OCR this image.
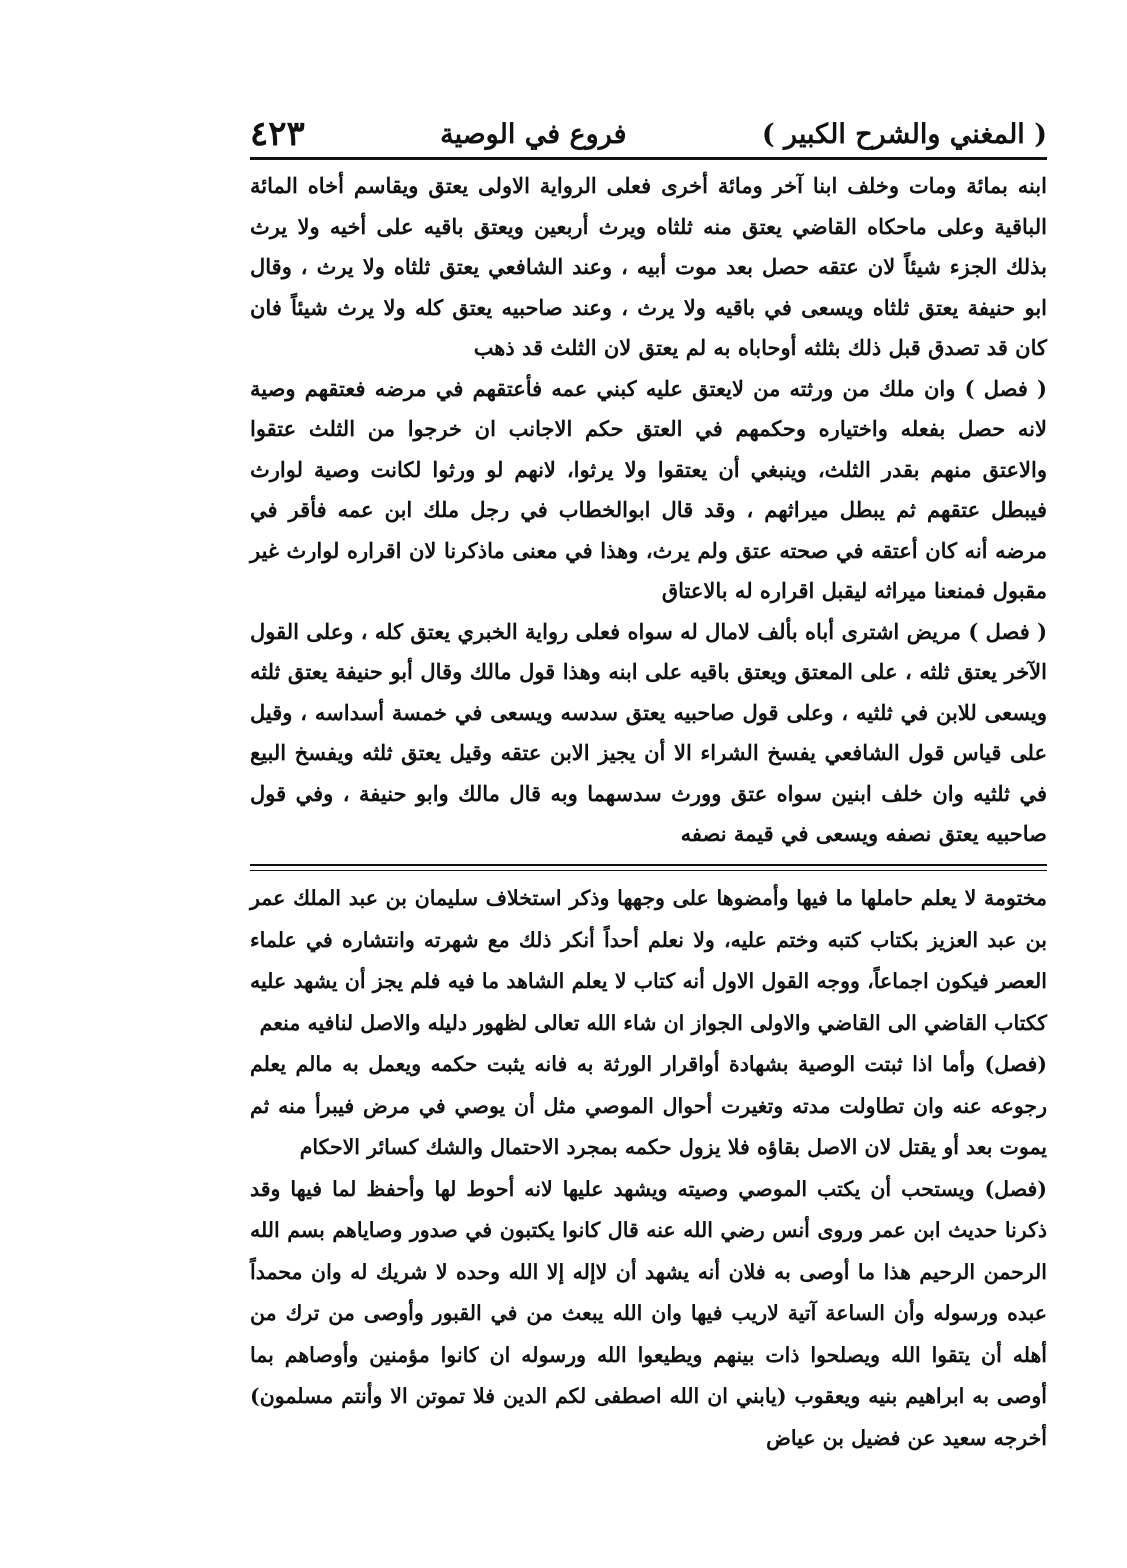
( المغني والشرح الكبير )
فروع في الوصية
٤٢٣

ابنه بمائة ومات وخلف ابنا آخر ومائة أخرى فعلى الرواية الاولى يعتق ويقاسم أخاه المائة الباقية وعلى ماحكاه القاضي يعتق منه ثلثاه ويرث أربعين ويعتق باقيه على أخيه ولا يرث بذلك الجزء شيئاً لان عتقه حصل بعد موت أبيه ، وعند الشافعي يعتق ثلثاه ولا يرث ، وقال ابو حنيفة يعتق ثلثاه ويسعى في باقيه ولا يرث ، وعند صاحبيه يعتق كله ولا يرث شيئاً فان كان قد تصدق قبل ذلك بثلثه أوحاباه به لم يعتق لان الثلث قد ذهب

( فصل ) وان ملك من ورثته من لايعتق عليه كبني عمه فأعتقهم في مرضه فعتقهم وصية لانه حصل بفعله واختياره وحكمهم في العتق حكم الاجانب ان خرجوا من الثلث عتقوا والاعتق منهم بقدر الثلث، وينبغي أن يعتقوا ولا يرثوا، لانهم لو ورثوا لكانت وصية لوارث فيبطل عتقهم ثم يبطل ميراثهم ، وقد قال ابوالخطاب في رجل ملك ابن عمه فأقر في مرضه أنه كان أعتقه في صحته عتق ولم يرث، وهذا في معنى ماذكرنا لان اقراره لوارث غير مقبول فمنعنا ميراثه ليقبل اقراره له بالاعتاق

( فصل ) مريض اشترى أباه بألف لامال له سواه فعلى رواية الخبري يعتق كله ، وعلى القول الآخر يعتق ثلثه ، على المعتق ويعتق باقيه على ابنه وهذا قول مالك وقال أبو حنيفة يعتق ثلثه ويسعى للابن في ثلثيه ، وعلى قول صاحبيه يعتق سدسه ويسعى في خمسة أسداسه ، وقيل على قياس قول الشافعي يفسخ الشراء الا أن يجيز الابن عتقه وقيل يعتق ثلثه ويفسخ البيع في ثلثيه وان خلف ابنين سواه عتق وورث سدسهما وبه قال مالك وابو حنيفة ، وفي قول صاحبيه يعتق نصفه ويسعى في قيمة نصفه

مختومة لا يعلم حاملها ما فيها وأمضوها على وجهها وذكر استخلاف سليمان بن عبد الملك عمر بن عبد العزيز بكتاب كتبه وختم عليه، ولا نعلم أحداً أنكر ذلك مع شهرته وانتشاره في علماء العصر فيكون اجماعاً، ووجه القول الاول أنه كتاب لا يعلم الشاهد ما فيه فلم يجز أن يشهد عليه ككتاب القاضي الى القاضي والاولى الجواز ان شاء الله تعالى لظهور دليله والاصل لنافيه منعم

(فصل) وأما اذا ثبتت الوصية بشهادة أواقرار الورثة به فانه يثبت حكمه ويعمل به مالم يعلم رجوعه عنه وان تطاولت مدته وتغيرت أحوال الموصي مثل أن يوصي في مرض فيبرأ منه ثم يموت بعد أو يقتل لان الاصل بقاؤه فلا يزول حكمه بمجرد الاحتمال والشك كسائر الاحكام

(فصل) ويستحب أن يكتب الموصي وصيته ويشهد عليها لانه أحوط لها وأحفظ لما فيها وقد ذكرنا حديث ابن عمر وروى أنس رضي الله عنه قال كانوا يكتبون في صدور وصاياهم بسم الله الرحمن الرحيم هذا ما أوصى به فلان أنه يشهد أن لاإله إلا الله وحده لا شريك له وان محمداً عبده ورسوله وأن الساعة آتية لاريب فيها وان الله يبعث من في القبور وأوصى من ترك من أهله أن يتقوا الله ويصلحوا ذات بينهم ويطيعوا الله ورسوله ان كانوا مؤمنين وأوصاهم بما أوصى به ابراهيم بنيه ويعقوب (يابني ان الله اصطفى لكم الدين فلا تموتن الا وأنتم مسلمون) أخرجه سعيد عن فضيل بن عياض
